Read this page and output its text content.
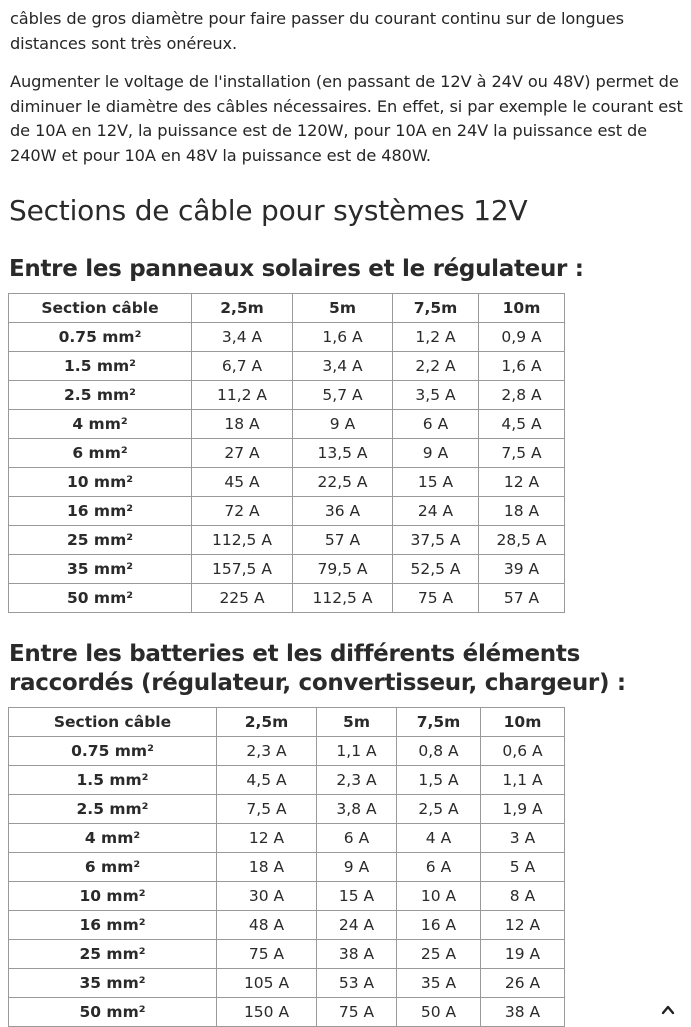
câbles de gros diamètre pour faire passer du courant continu sur de longues distances sont très onéreux.

Augmenter le voltage de l'installation (en passant de 12V à 24V ou 48V) permet de diminuer le diamètre des câbles nécessaires. En effet, si par exemple le courant est de 10A en 12V, la puissance est de 120W, pour 10A en 24V la puissance est de 240W et pour 10A en 48V la puissance est de 480W.

Sections de câble pour systèmes 12V
Entre les panneaux solaires et le régulateur :
Section câble	2,5m	5m	7,5m	10m
0.75 mm²	3,4 A	1,6 A	1,2 A	0,9 A
1.5 mm²	6,7 A	3,4 A	2,2 A	1,6 A
2.5 mm²	11,2 A	5,7 A	3,5 A	2,8 A
4 mm²	18 A	9 A	6 A	4,5 A
6 mm²	27 A	13,5 A	9 A	7,5 A
10 mm²	45 A	22,5 A	15 A	12 A
16 mm²	72 A	36 A	24 A	18 A
25 mm²	112,5 A	57 A	37,5 A	28,5 A
35 mm²	157,5 A	79,5 A	52,5 A	39 A
50 mm²	225 A	112,5 A	75 A	57 A
Entre les batteries et les différents éléments raccordés (régulateur, convertisseur, chargeur) :
Section câble	2,5m	5m	7,5m	10m
0.75 mm²	2,3 A	1,1 A	0,8 A	0,6 A
1.5 mm²	4,5 A	2,3 A	1,5 A	1,1 A
2.5 mm²	7,5 A	3,8 A	2,5 A	1,9 A
4 mm²	12 A	6 A	4 A	3 A
6 mm²	18 A	9 A	6 A	5 A
10 mm²	30 A	15 A	10 A	8 A
16 mm²	48 A	24 A	16 A	12 A
25 mm²	75 A	38 A	25 A	19 A
35 mm²	105 A	53 A	35 A	26 A
50 mm²	150 A	75 A	50 A	38 A
